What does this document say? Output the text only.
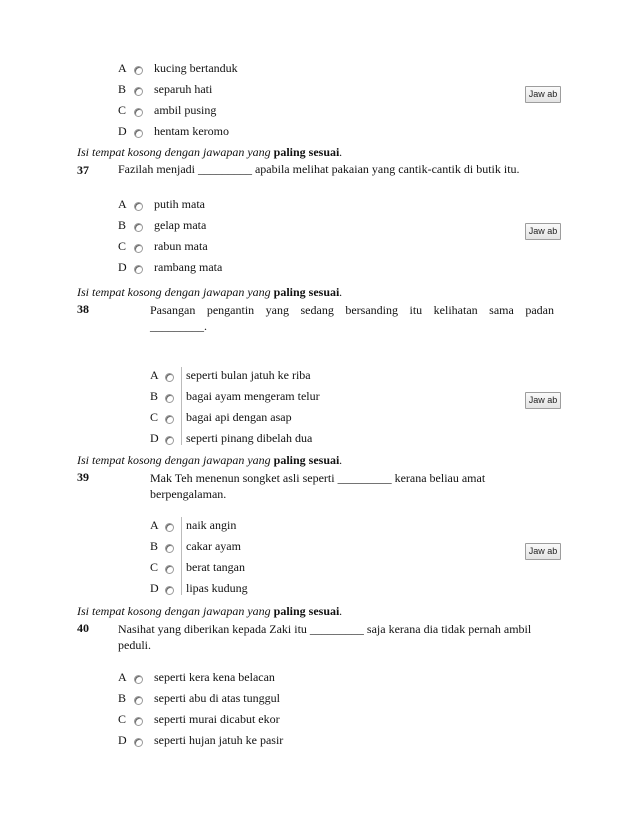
A kucing bertanduk
B	separuh hati
C	ambil pusing
D hentam keromo
Jaw ab
Isi tempat kosong dengan jawapan yang paling sesuai.
37 Fazilah menjadi _________ apabila melihat pakaian yang cantik-cantik di butik itu.
A putih mata
B	gelap mata
C	rabun mata
D rambang mata
Jaw ab
Isi tempat kosong dengan jawapan yang paling sesuai.
38	Pasangan pengantin yang sedang bersanding itu kelihatan sama padan
_________.
A seperti bulan jatuh ke riba
B	bagai ayam mengeram telur
C	bagai api dengan asap
D seperti pinang dibelah dua
Jaw ab
Isi tempat kosong dengan jawapan yang paling sesuai.
39	Mak Teh menenun songket asli seperti _________ kerana beliau amat
berpengalaman.
A naik angin
B	cakar ayam
C	berat tangan
D lipas kudung
Jaw ab
Isi tempat kosong dengan jawapan yang paling sesuai.
40 Nasihat yang diberikan kepada Zaki itu _________ saja kerana dia tidak pernah ambil
peduli.
A seperti kera kena belacan
B	seperti abu di atas tunggul
C	seperti murai dicabut ekor
D seperti hujan jatuh ke pasir
